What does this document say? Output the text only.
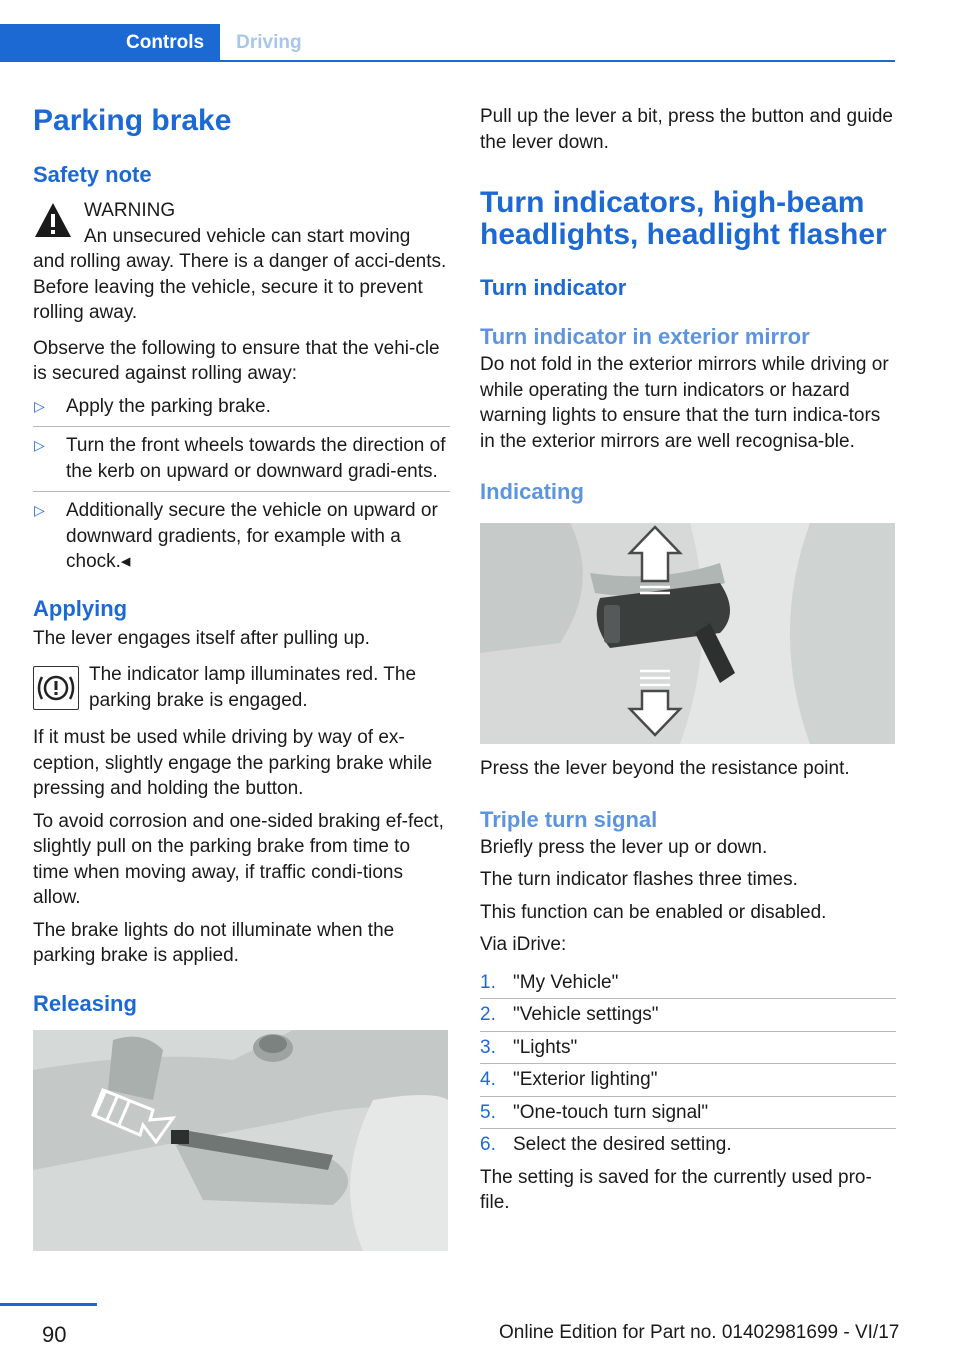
Controls	Driving
Parking brake
Safety note
WARNING

An unsecured vehicle can start moving

and rolling away. There is a danger of acci-dents. Before leaving the vehicle, secure it to prevent rolling away.

Observe the following to ensure that the vehi-cle is secured against rolling away:

▷ Apply the parking brake.
▷ Turn the front wheels towards the direction of the kerb on upward or downward gradi-ents.
▷ Additionally secure the vehicle on upward or downward gradients, for example with a chock.◂
Applying

The lever engages itself after pulling up.

The indicator lamp illuminates red. The parking brake is engaged.

If it must be used while driving by way of ex-ception, slightly engage the parking brake while pressing and holding the button.

To avoid corrosion and one-sided braking ef-fect, slightly pull on the parking brake from time to time when moving away, if traffic condi-tions allow.

The brake lights do not illuminate when the parking brake is applied.

Releasing

Pull up the lever a bit, press the button and guide the lever down.

Turn indicators, high-beam headlights, headlight flasher
Turn indicator
Turn indicator in exterior mirror

Do not fold in the exterior mirrors while driving or while operating the turn indicators or hazard warning lights to ensure that the turn indica-tors in the exterior mirrors are well recognisa-ble.

Indicating

Press the lever beyond the resistance point.

Triple turn signal

Briefly press the lever up or down.

The turn indicator flashes three times.

This function can be enabled or disabled.

Via iDrive:

1. "My Vehicle"
2. "Vehicle settings"
3. "Lights"
4. "Exterior lighting"
5. "One-touch turn signal"
6. Select the desired setting.

The setting is saved for the currently used pro-file.

90	Online Edition for Part no. 01402981699 - VI/17
